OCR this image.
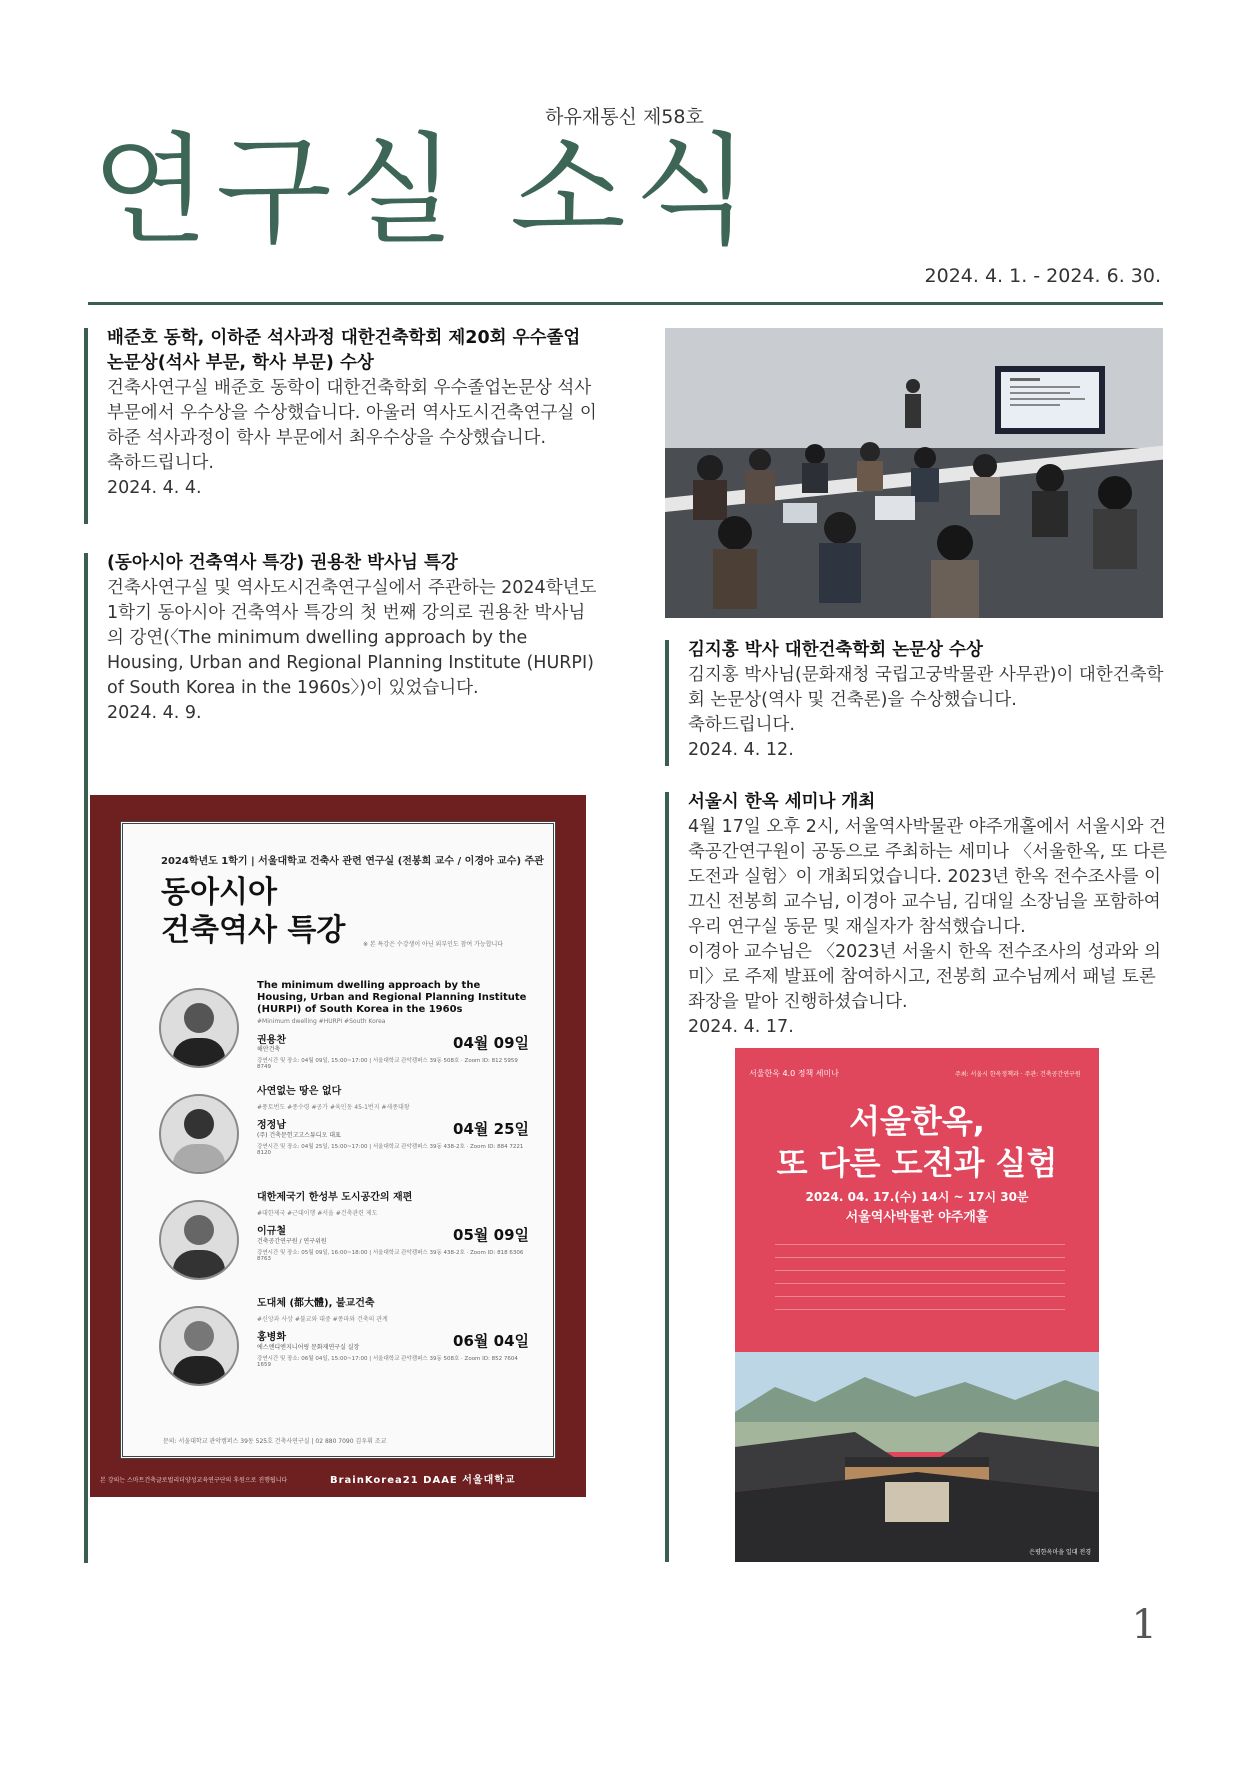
하유재통신 제58호
연구실 소식
2024. 4. 1. - 2024. 6. 30.
배준호 동학, 이하준 석사과정 대한건축학회 제20회 우수졸업논문상(석사 부문, 학사 부문) 수상

건축사연구실 배준호 동학이 대한건축학회 우수졸업논문상 석사 부문에서 우수상을 수상했습니다. 아울러 역사도시건축연구실 이하준 석사과정이 학사 부문에서 최우수상을 수상했습니다.

축하드립니다.

2024. 4. 4.

(동아시아 건축역사 특강) 권용찬 박사님 특강

건축사연구실 및 역사도시건축연구실에서 주관하는 2024학년도 1학기 동아시아 건축역사 특강의 첫 번째 강의로 권용찬 박사님의 강연(〈The minimum dwelling approach by the Housing, Urban and Regional Planning Institute (HURPI) of South Korea in the 1960s〉)이 있었습니다.

2024. 4. 9.

2024학년도 1학기 | 서울대학교 건축사 관련 연구실 (전봉희 교수 / 이경아 교수) 주관
동아시아
건축역사 특강	※ 본 특강은 수강생이 아닌 외부인도 참여 가능합니다
The minimum dwelling approach by the Housing, Urban and Regional Planning Institute (HURPI) of South Korea in the 1960s
#Minimum dwelling #HURPI #South Korea
권용찬
해안건축	04월 09일
강연시간 및 장소: 04월 09일, 15:00~17:00 | 서울대학교 관악캠퍼스 39동 508호 · Zoom ID: 812 5959 8749
사연없는 땅은 없다
#풍토번도 #종수령 #공가 #육인동 45-1번지 #세종대왕
정정남
(주) 건축문헌고고스튜디오 대표	04월 25일
강연시간 및 장소: 04월 25일, 15:00~17:00 | 서울대학교 관악캠퍼스 39동 438-2호 · Zoom ID: 884 7221 8120
대한제국기 한성부 도시공간의 재편
#대한제국 #근대이행 #서울 #건축관련 제도
이규철
건축공간연구원 / 연구위원	05월 09일
강연시간 및 장소: 05월 09일, 16:00~18:00 | 서울대학교 관악캠퍼스 39동 438-2호 · Zoom ID: 818 6306 8763
도대체 (都大體), 불교건축
#신앙과 사상 #불교와 대중 #종파와 건축의 관계
홍병화
에스앤디엔지니어링 문화재연구실 실장	06월 04일
강연시간 및 장소: 06월 04일, 15:00~17:00 | 서울대학교 관악캠퍼스 39동 508호 · Zoom ID: 852 7604 1659
문의: 서울대학교 관악캠퍼스 39동 525호 건축사연구실 | 02 880 7090 김우휘 조교
본 강의는 스마트건축글로벌리더양성교육연구단의 후원으로 진행됩니다	BrainKorea21 DAAE 서울대학교
김지홍 박사 대한건축학회 논문상 수상

김지홍 박사님(문화재청 국립고궁박물관 사무관)이 대한건축학회 논문상(역사 및 건축론)을 수상했습니다.

축하드립니다.

2024. 4. 12.

서울시 한옥 세미나 개최

4월 17일 오후 2시, 서울역사박물관 야주개홀에서 서울시와 건축공간연구원이 공동으로 주최하는 세미나 〈서울한옥, 또 다른 도전과 실험〉이 개최되었습니다. 2023년 한옥 전수조사를 이끄신 전봉희 교수님, 이경아 교수님, 김대일 소장님을 포함하여 우리 연구실 동문 및 재실자가 참석했습니다.

이경아 교수님은 〈2023년 서울시 한옥 전수조사의 성과와 의미〉로 주제 발표에 참여하시고, 전봉희 교수님께서 패널 토론 좌장을 맡아 진행하셨습니다.

2024. 4. 17.

서울한옥 4.0 정책 세미나	주최: 서울시 한옥정책과 · 주관: 건축공간연구원
서울한옥,
또 다른 도전과 실험
2024. 04. 17.(수) 14시 ~ 17시 30분
서울역사박물관 야주개홀
은평한옥마을 일대 전경
1
